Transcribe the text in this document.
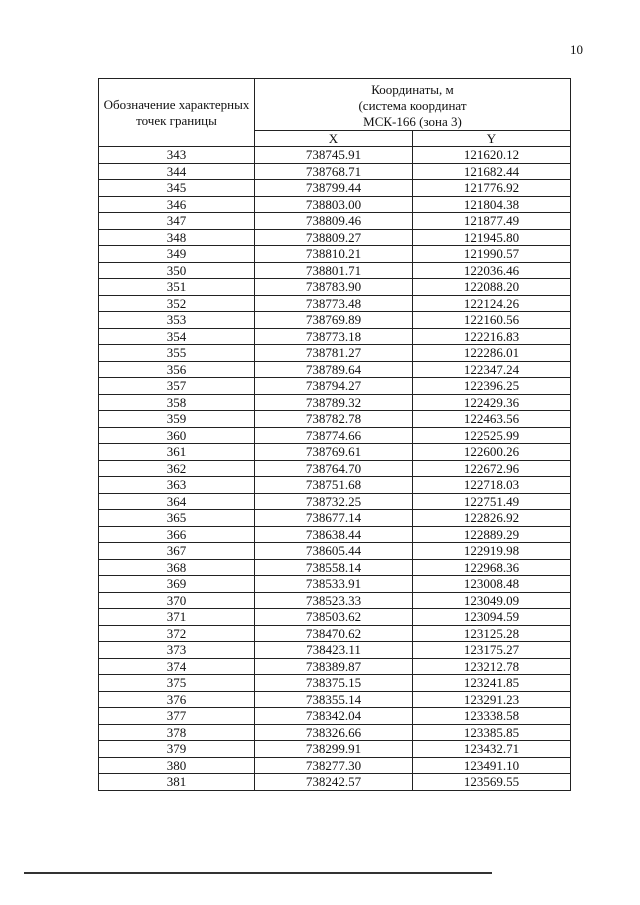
10
Обозначение характерных точек границы	Координаты, м
(система координат
МСК-166 (зона 3)	

	X	Y
343	738745.91	121620.12
344	738768.71	121682.44
345	738799.44	121776.92
346	738803.00	121804.38
347	738809.46	121877.49
348	738809.27	121945.80
349	738810.21	121990.57
350	738801.71	122036.46
351	738783.90	122088.20
352	738773.48	122124.26
353	738769.89	122160.56
354	738773.18	122216.83
355	738781.27	122286.01
356	738789.64	122347.24
357	738794.27	122396.25
358	738789.32	122429.36
359	738782.78	122463.56
360	738774.66	122525.99
361	738769.61	122600.26
362	738764.70	122672.96
363	738751.68	122718.03
364	738732.25	122751.49
365	738677.14	122826.92
366	738638.44	122889.29
367	738605.44	122919.98
368	738558.14	122968.36
369	738533.91	123008.48
370	738523.33	123049.09
371	738503.62	123094.59
372	738470.62	123125.28
373	738423.11	123175.27
374	738389.87	123212.78
375	738375.15	123241.85
376	738355.14	123291.23
377	738342.04	123338.58
378	738326.66	123385.85
379	738299.91	123432.71
380	738277.30	123491.10
381	738242.57	123569.55
